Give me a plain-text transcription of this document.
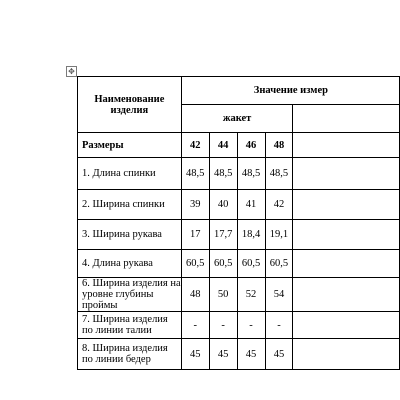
✥
Наименование изделия	Значение измер				
	жакет				
Размеры	42	44	46	48	
1. Длина спинки	48,5	48,5	48,5	48,5	
2. Ширина спинки	39	40	41	42	
3. Ширина рукава	17	17,7	18,4	19,1	
4. Длина рукава	60,5	60,5	60,5	60,5	
6. Ширина изделия на уровне глубины проймы	48	50	52	54	
7. Ширина изделия по линии талии	-	-	-	-	
8. Ширина изделия по линии бедер	45	45	45	45	
